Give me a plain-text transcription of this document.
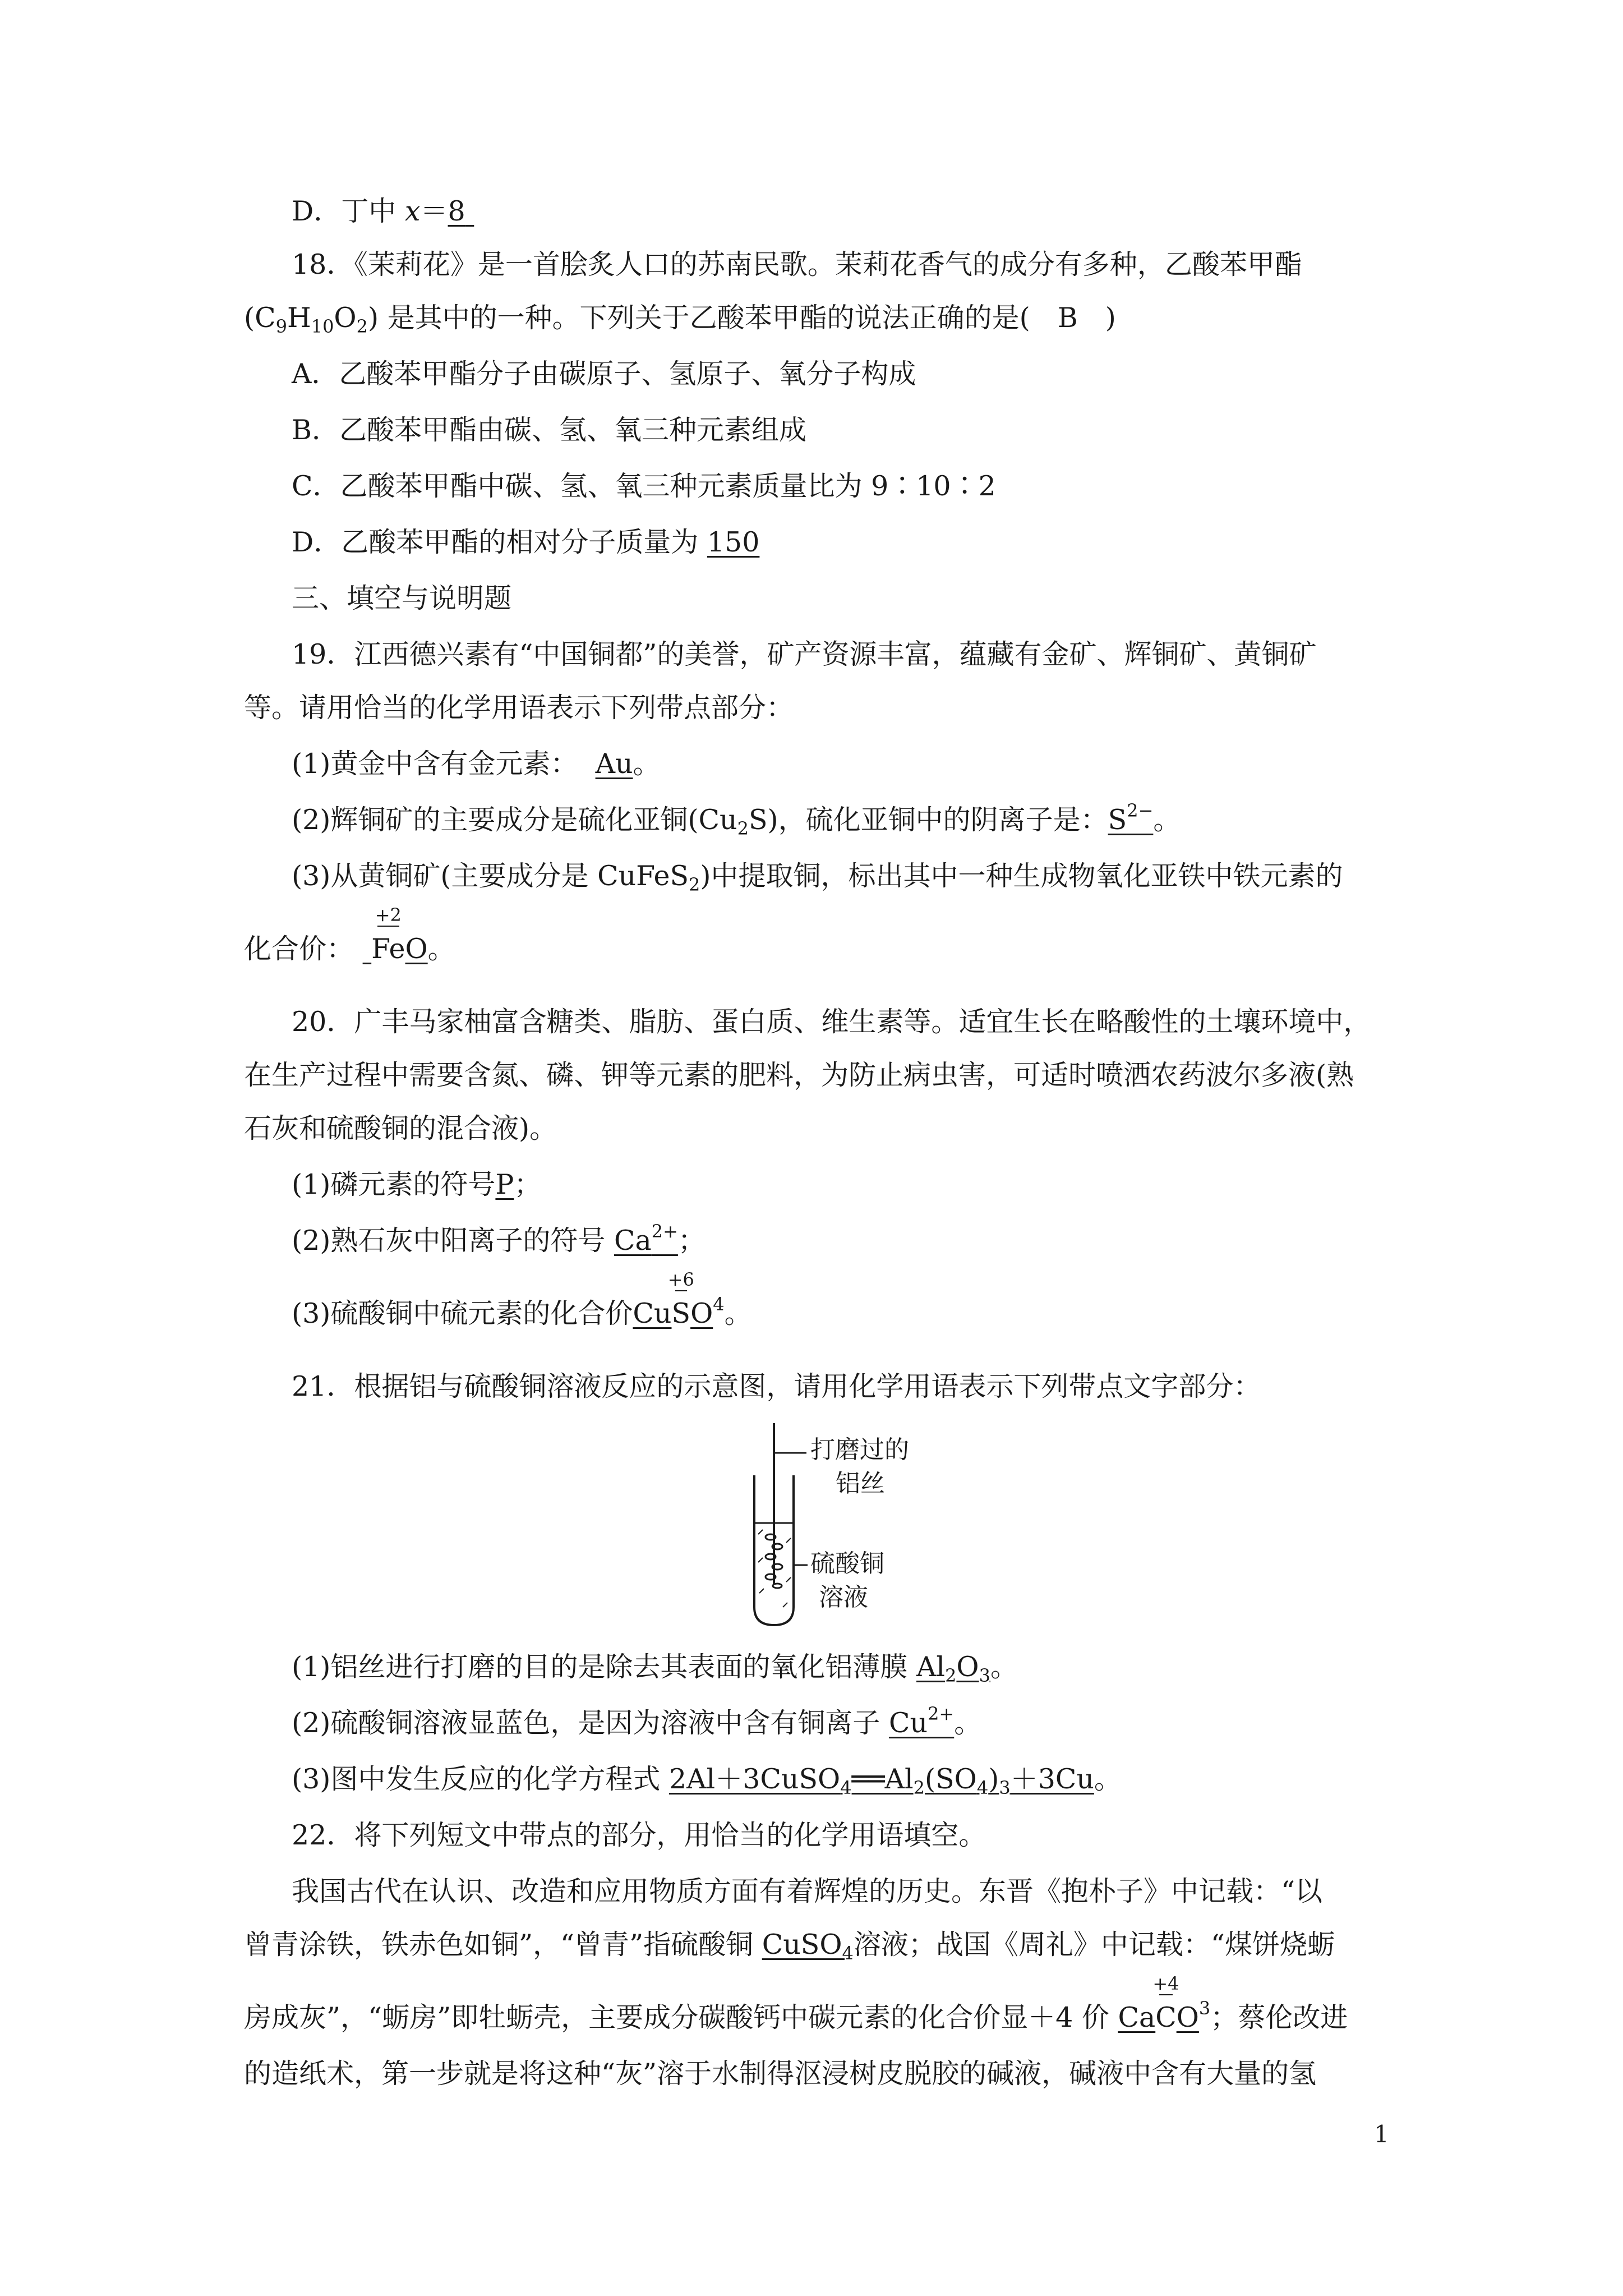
D．丁中 x＝8
18．《茉莉花》是一首脍炙人口的苏南民歌。茉莉花香气的成分有多种，乙酸苯甲酯
$(C_9H_{10}O_2)$ 是其中的一种。下列关于乙酸苯甲酯的说法正确的是(　B　)
A．乙酸苯甲酯分子由碳原子、氢原子、氧分子构成
B．乙酸苯甲酯由碳、氢、氧三种元素组成
C．乙酸苯甲酯中碳、氢、氧三种元素质量比为 9∶10∶2
D．乙酸苯甲酯的相对分子质量为 150
三、填空与说明题
19．江西德兴素有“中国铜都”的美誉，矿产资源丰富，蕴藏有金矿、辉铜矿、黄铜矿
等。请用恰当的化学用语表示下列带点部分：
(1)黄金中含有金元素： Au。
(2)辉铜矿的主要成分是硫化亚铜$(Cu_2S)$，硫化亚铜中的阴离子是：$S^{2-}$。
(3)从黄铜矿(主要成分是 CuFeS$_2$)中提取铜，标出其中一种生成物氧化亚铁中铁元素的
化合价：
+2
FeO。
20．广丰马家柚富含糖类、脂肪、蛋白质、维生素等。适宜生长在略酸性的土壤环境中，
在生产过程中需要含氮、磷、钾等元素的肥料，为防止病虫害，可适时喷洒农药波尔多液(熟
石灰和硫酸铜的混合液)。
(1)磷元素的符号P；
(2)熟石灰中阳离子的符号 $Ca^{2+}$；
(3)硫酸铜中硫元素的化合价Cu
+6
$SO^4$。
21．根据铝与硫酸铜溶液反应的示意图，请用化学用语表示下列带点文字部分：
打磨过的
铝丝
硫酸铜
溶液
(1)铝丝进行打磨的目的是除去其表面的氧化铝薄膜 $Al_2O_3$。
(2)硫酸铜溶液显蓝色，是因为溶液中含有铜离子 $Cu^{2+}$。
(3)图中发生反应的化学方程式 $2Al+3CuSO_4══Al_2(SO_4)_3+3Cu$。
22．将下列短文中带点的部分，用恰当的化学用语填空。
我国古代在认识、改造和应用物质方面有着辉煌的历史。东晋《抱朴子》中记载：“以
曾青涂铁，铁赤色如铜”，“曾青”指硫酸铜 CuSO$_4$溶液；战国《周礼》中记载：“煤饼烧蛎
房成灰”，“蛎房”即牡蛎壳，主要成分碳酸钙中碳元素的化合价显＋4 价 Ca
+4
$CO^3$；蔡伦改进
的造纸术，第一步就是将这种“灰”溶于水制得沤浸树皮脱胶的碱液，碱液中含有大量的氢
1
